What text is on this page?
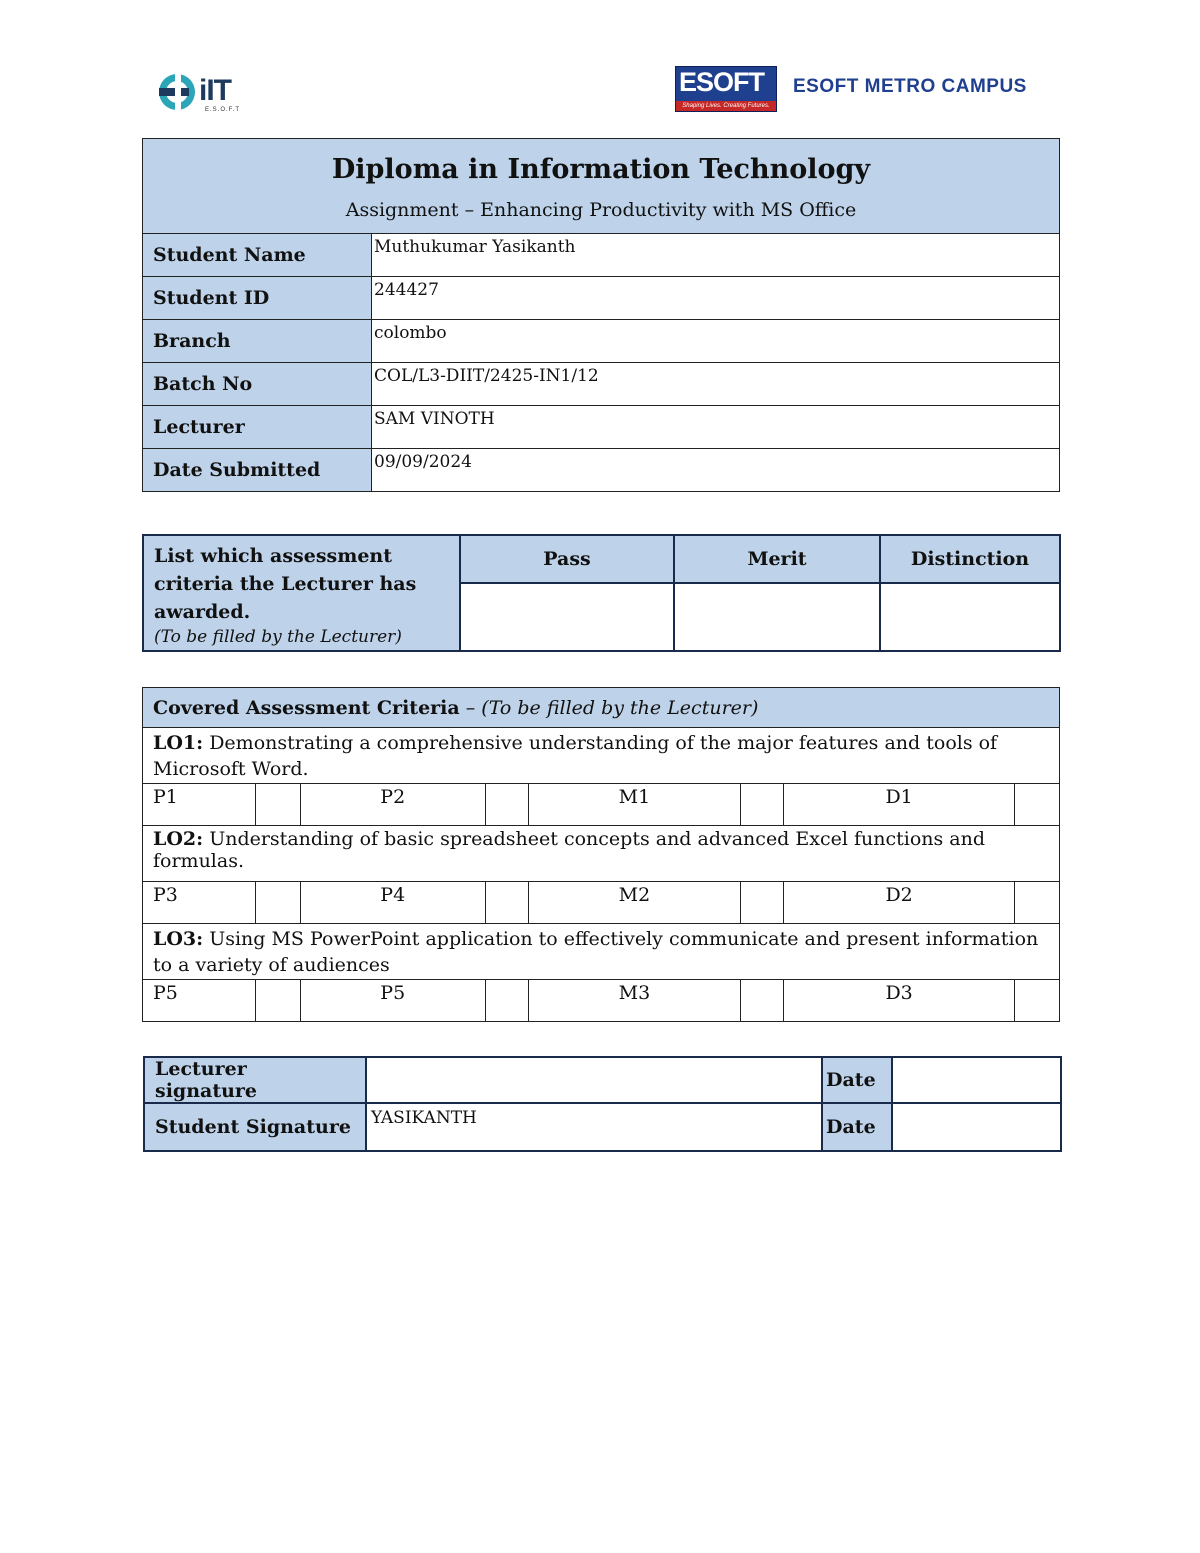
iIT
E.S.O.F.T
ESOFT
Shaping Lives. Creating Futures.
ESOFT METRO CAMPUS
Diploma in Information Technology
Assignment – Enhancing Productivity with MS Office	

Student Name	Muthukumar Yasikanth
Student ID	244427
Branch	colombo
Batch No	COL/L3-DIIT/2425-IN1/12
Lecturer	SAM VINOTH
Date Submitted	09/09/2024
List which assessment criteria the Lecturer has awarded.
(To be filled by the Lecturer)	Pass	Merit	Distinction

Covered Assessment Criteria – (To be filled by the Lecturer)							
LO1: Demonstrating a comprehensive understanding of the major features and tools of Microsoft Word.							
P1		P2		M1		D1	
LO2: Understanding of basic spreadsheet concepts and advanced Excel functions and formulas.							
P3		P4		M2		D2	
LO3: Using MS PowerPoint application to effectively communicate and present information to a variety of audiences							
P5		P5		M3		D3	
Lecturer signature		Date	
Student Signature	YASIKANTH	Date	
